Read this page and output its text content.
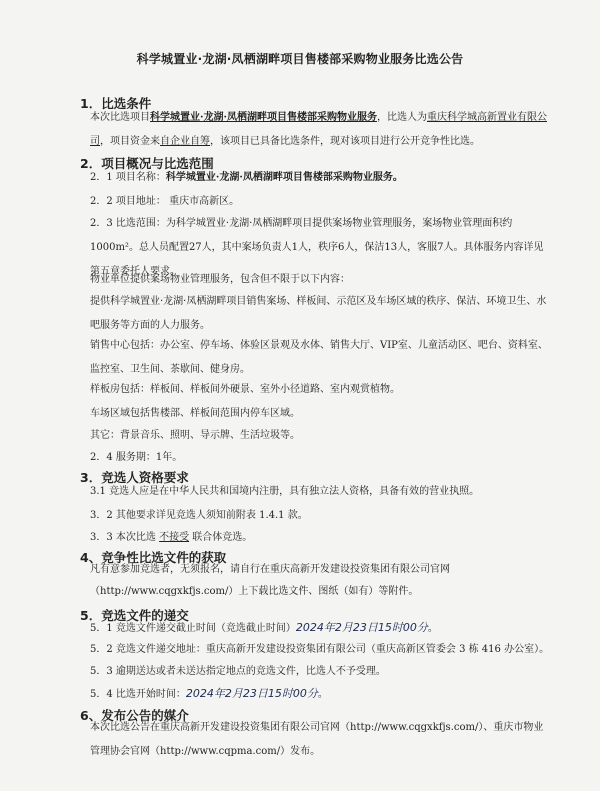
科学城置业·龙湖·凤栖湖畔项目售楼部采购物业服务比选公告
1．比选条件
本次比选项目科学城置业·龙湖·凤栖湖畔项目售楼部采购物业服务，比选人为重庆科学城高新置业有限公司，项目资金来自企业自筹，该项目已具备比选条件，现对该项目进行公开竞争性比选。
2．项目概况与比选范围
2．1 项目名称：科学城置业·龙湖·凤栖湖畔项目售楼部采购物业服务。
2．2 项目地址： 重庆市高新区。
2．3 比选范围：为科学城置业·龙湖·凤栖湖畔项目提供案场物业管理服务，案场物业管理面积约1000m²。总人员配置27人，其中案场负责人1人，秩序6人，保洁13人，客服7人。具体服务内容详见第五章委托人要求。
物业单位提供案场物业管理服务，包含但不限于以下内容：
提供科学城置业·龙湖·凤栖湖畔项目销售案场、样板间、示范区及车场区域的秩序、保洁、环境卫生、水吧服务等方面的人力服务。
销售中心包括：办公室、停车场、体验区景观及水体、销售大厅、VIP室、儿童活动区、吧台、资料室、监控室、卫生间、茶歇间、健身房。
样板房包括：样板间、样板间外硬景、室外小径道路、室内观赏植物。
车场区域包括售楼部、样板间范围内停车区域。
其它：背景音乐、照明、导示牌、生活垃圾等。
2．4 服务期：1年。
3．竞选人资格要求
3.1 竞选人应是在中华人民共和国境内注册，具有独立法人资格，具备有效的营业执照。
3．2 其他要求详见竞选人须知前附表 1.4.1 款。
3．3 本次比选 不接受 联合体竞选。
4、竞争性比选文件的获取
凡有意参加竞选者，无须报名，请自行在重庆高新开发建设投资集团有限公司官网
（http://www.cqgxkfjs.com/）上下载比选文件、图纸（如有）等附件。
5．竞选文件的递交
5．1 竞选文件递交截止时间（竞选截止时间）2024年2月23日15时00分。
5．2 竞选文件递交地址：重庆高新开发建设投资集团有限公司（重庆高新区管委会 3 栋 416 办公室）。
5．3 逾期送达或者未送达指定地点的竞选文件，比选人不予受理。
5．4 比选开始时间：2024年2月23日15时00分。
6、发布公告的媒介
本次比选公告在重庆高新开发建设投资集团有限公司官网（http://www.cqgxkfjs.com/）、重庆市物业管理协会官网（http://www.cqpma.com/）发布。
